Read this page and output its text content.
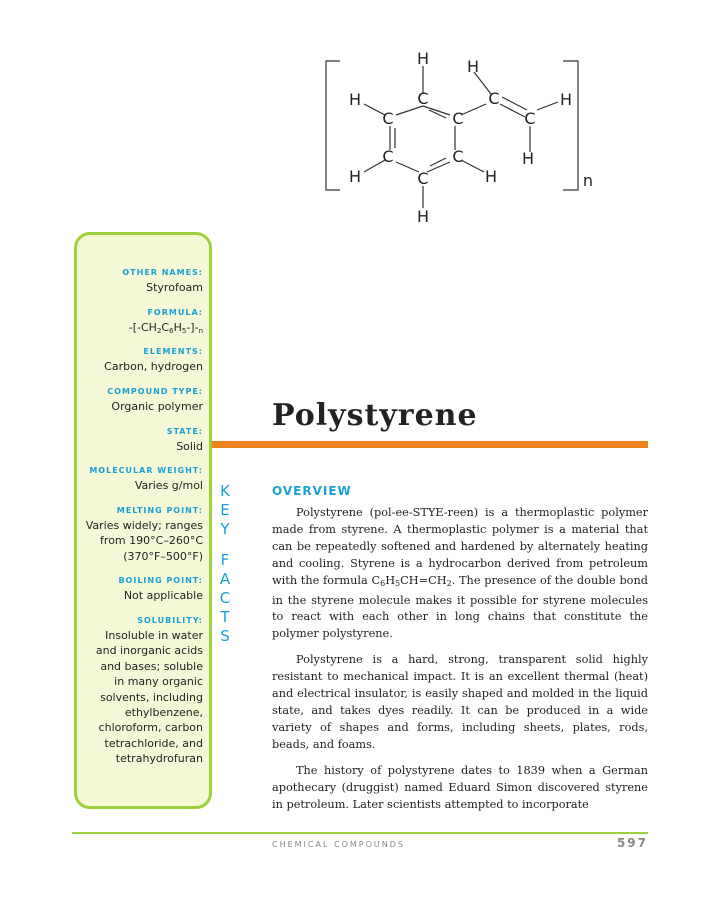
H H
H	H
H
H	H
H
C	C
C	C	C
C	C
C	n
OTHER NAMES:
Styrofoam
FORMULA:
$-[-CH_2C_6H_5-]-_n$
ELEMENTS:
Carbon, hydrogen
COMPOUND TYPE:
Organic polymer
STATE:
Solid
MOLECULAR WEIGHT:
Varies g/mol
MELTING POINT:
Varies widely; ranges
from 190°C–260°C
(370°F–500°F)
BOILING POINT:
Not applicable
SOLUBILITY:
Insoluble in water
and inorganic acids
and bases; soluble
in many organic
solvents, including
ethylbenzene,
chloroform, carbon
tetrachloride, and
tetrahydrofuran
K
E
Y
F
A
C
T
S
Polystyrene
OVERVIEW

Polystyrene (pol-ee-STYE-reen) is a thermoplastic polymer made from styrene. A thermoplastic polymer is a material that can be repeatedly softened and hardened by alternately heating and cooling. Styrene is a hydrocarbon derived from petroleum with the formula C6H5CH=CH2. The presence of the double bond in the styrene molecule makes it possible for styrene molecules to react with each other in long chains that constitute the polymer polystyrene.

Polystyrene is a hard, strong, transparent solid highly resistant to mechanical impact. It is an excellent thermal (heat) and electrical insulator, is easily shaped and molded in the liquid state, and takes dyes readily. It can be produced in a wide variety of shapes and forms, including sheets, plates, rods, beads, and foams.

The history of polystyrene dates to 1839 when a German apothecary (druggist) named Eduard Simon discovered styrene in petroleum. Later scientists attempted to incorporate

CHEMICAL COMPOUNDS	597
